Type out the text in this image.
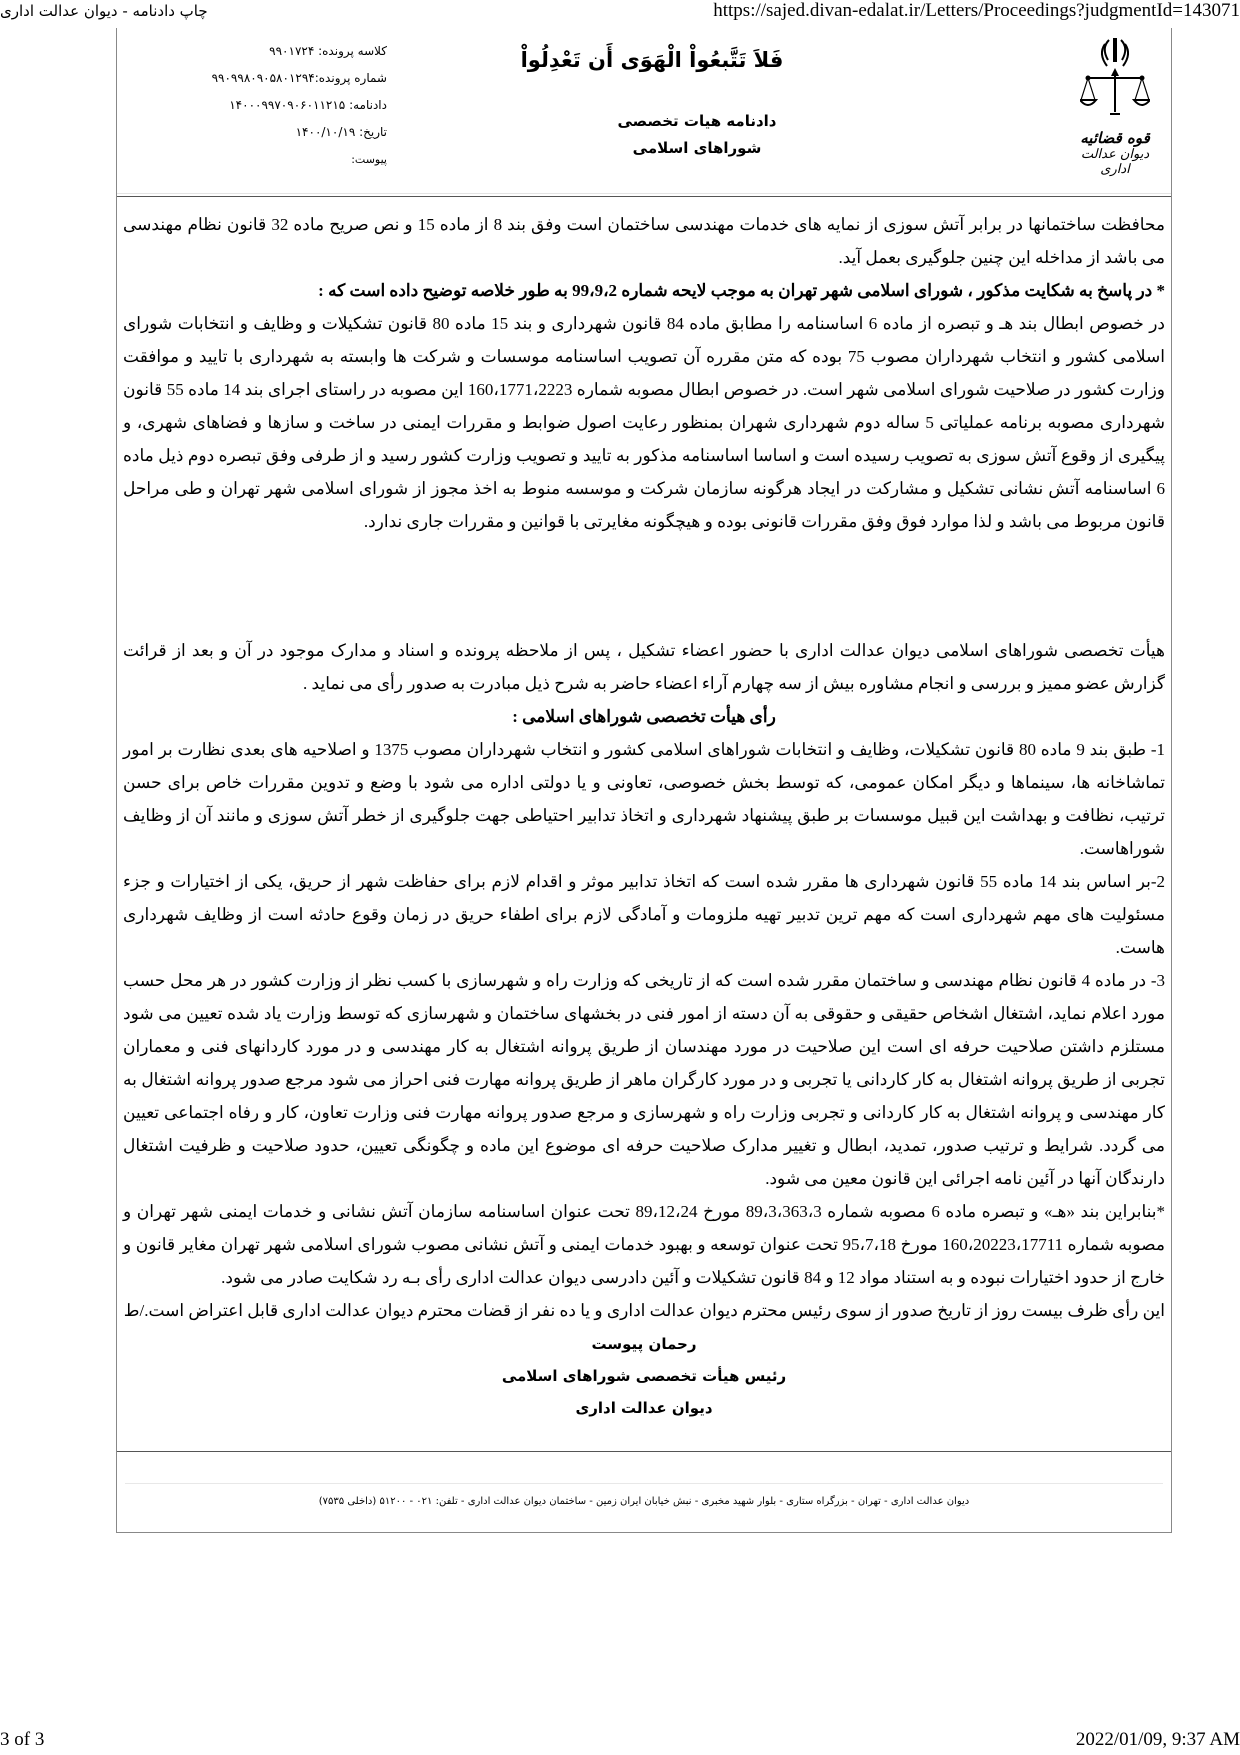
چاپ دادنامه - دیوان عدالت اداری	https://sajed.divan-edalat.ir/Letters/Proceedings?judgmentId=143071
کلاسه پرونده: ۹۹۰۱۷۲۴
شماره پرونده:۹۹۰۹۹۸۰۹۰۵۸۰۱۲۹۴
دادنامه: ۱۴۰۰۰۹۹۷۰۹۰۶۰۱۱۲۱۵
تاریخ: ۱۴۰۰/۱۰/۱۹
پیوست:
فَلاَ تَتَّبعُواْ الْهَوَى أَن تَعْدِلُواْ
دادنامه هیات تخصصی
شوراهای اسلامی
قوه قضائیه
دیوان عدالت اداری

محافظت ساختمانها در برابر آتش سوزی از نمایه های خدمات مهندسی ساختمان است وفق بند 8 از ماده 15 و نص صریح ماده 32 قانون نظام مهندسی می باشد از مداخله این چنین جلوگیری بعمل آید.

* در پاسخ به شکایت مذکور ، شورای اسلامی شهر تهران به موجب لایحه شماره 99،9،2 به طور خلاصه توضیح داده است که :

در خصوص ابطال بند هـ و تبصره از ماده 6 اساسنامه را مطابق ماده 84 قانون شهرداری و بند 15 ماده 80 قانون تشکیلات و وظایف و انتخابات شورای اسلامی کشور و انتخاب شهرداران مصوب 75 بوده که متن مقرره آن تصویب اساسنامه موسسات و شرکت ها وابسته به شهرداری با تایید و موافقت وزارت کشور در صلاحیت شورای اسلامی شهر است. در خصوص ابطال مصوبه شماره 160،1771،2223 این مصوبه در راستای اجرای بند 14 ماده 55 قانون شهرداری مصوبه برنامه عملیاتی 5 ساله دوم شهرداری شهران بمنظور رعایت اصول ضوابط و مقررات ایمنی در ساخت و سازها و فضاهای شهری، و پیگیری از وقوع آتش سوزی به تصویب رسیده است و اساسا اساسنامه مذکور به تایید و تصویب وزارت کشور رسید و از طرفی وفق تبصره دوم ذیل ماده 6 اساسنامه آتش نشانی تشکیل و مشارکت در ایجاد هرگونه سازمان شرکت و موسسه منوط به اخذ مجوز از شورای اسلامی شهر تهران و طی مراحل قانون مربوط می باشد و لذا موارد فوق وفق مقررات قانونی بوده و هیچگونه مغایرتی با قوانین و مقررات جاری ندارد.

هیأت تخصصی شوراهای اسلامی دیوان عدالت اداری با حضور اعضاء تشکیل ، پس از ملاحظه پرونده و اسناد و مدارک موجود در آن و بعد از قرائت گزارش عضو ممیز و بررسی و انجام مشاوره بیش از سه چهارم آراء اعضاء حاضر به شرح ذیل مبادرت به صدور رأی می نماید .

رأی هیأت تخصصی شوراهای اسلامی :

1- طبق بند 9 ماده 80 قانون تشکیلات، وظایف و انتخابات شوراهای اسلامی کشور و انتخاب شهرداران مصوب 1375 و اصلاحیه های بعدی نظارت بر امور تماشاخانه ها، سینماها و دیگر امکان عمومی، که توسط بخش خصوصی، تعاونی و یا دولتی اداره می شود با وضع و تدوین مقررات خاص برای حسن ترتیب، نظافت و بهداشت این قبیل موسسات بر طبق پیشنهاد شهرداری و اتخاذ تدابیر احتیاطی جهت جلوگیری از خطر آتش سوزی و مانند آن از وظایف شوراهاست.

2-بر اساس بند 14 ماده 55 قانون شهرداری ها مقرر شده است که اتخاذ تدابیر موثر و اقدام لازم برای حفاظت شهر از حریق، یکی از اختیارات و جزء مسئولیت های مهم شهرداری است که مهم ترین تدبیر تهیه ملزومات و آمادگی لازم برای اطفاء حریق در زمان وقوع حادثه است از وظایف شهرداری هاست.

3- در ماده 4 قانون نظام مهندسی و ساختمان مقرر شده است که از تاریخی که وزارت راه و شهرسازی با کسب نظر از وزارت کشور در هر محل حسب مورد اعلام نماید، اشتغال اشخاص حقیقی و حقوقی به آن دسته از امور فنی در بخشهای ساختمان و شهرسازی که توسط وزارت یاد شده تعیین می شود مستلزم داشتن صلاحیت حرفه ای است این صلاحیت در مورد مهندسان از طریق پروانه اشتغال به کار مهندسی و در مورد کاردانهای فنی و معماران تجربی از طریق پروانه اشتغال به کار کاردانی یا تجربی و در مورد کارگران ماهر از طریق پروانه مهارت فنی احراز می شود مرجع صدور پروانه اشتغال به کار مهندسی و پروانه اشتغال به کار کاردانی و تجربی وزارت راه و شهرسازی و مرجع صدور پروانه مهارت فنی وزارت تعاون، کار و رفاه اجتماعی تعیین می گردد. شرایط و ترتیب صدور، تمدید، ابطال و تغییر مدارک صلاحیت حرفه ای موضوع این ماده و چگونگی تعیین، حدود صلاحیت و ظرفیت اشتغال دارندگان آنها در آئین نامه اجرائی این قانون معین می شود.

*بنابراین بند «هـ» و تبصره ماده 6 مصوبه شماره 89،3،363،3 مورخ 89،12،24 تحت عنوان اساسنامه سازمان آتش نشانی و خدمات ایمنی شهر تهران و مصوبه شماره 160،20223،17711 مورخ 95،7،18 تحت عنوان توسعه و بهبود خدمات ایمنی و آتش نشانی مصوب شورای اسلامی شهر تهران مغایر قانون و خارج از حدود اختیارات نبوده و به استناد مواد 12 و 84 قانون تشکیلات و آئین دادرسی دیوان عدالت اداری رأی بـه رد شکایت صادر می شود.

این رأی ظرف بیست روز از تاریخ صدور از سوی رئیس محترم دیوان عدالت اداری و یا ده نفر از قضات محترم دیوان عدالت اداری قابل اعتراض است./ط

رحمان پیوست
رئیس هیأت تخصصی شوراهای اسلامی
دیوان عدالت اداری
دیوان عدالت اداری - تهران - بزرگراه ستاری - بلوار شهید مخبری - نبش خیابان ایران زمین - ساختمان دیوان عدالت اداری - تلفن: ۰۲۱ - ۵۱۲۰۰ (داخلی ۷۵۳۵)
3 of 3	2022/01/09, 9:37 AM
